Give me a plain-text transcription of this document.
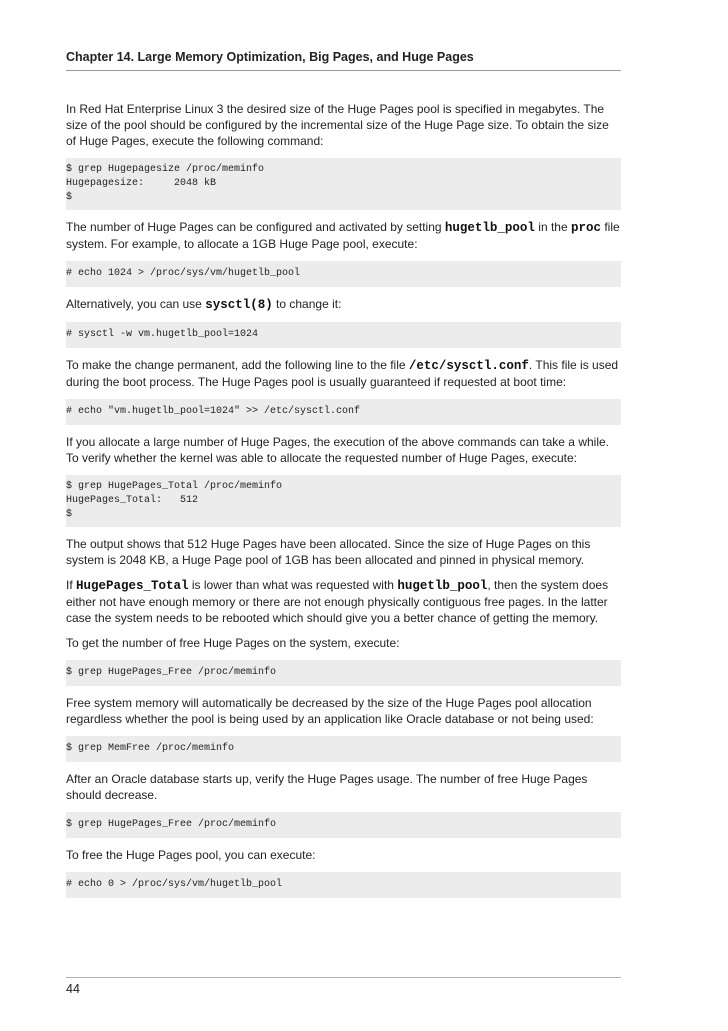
Chapter 14. Large Memory Optimization, Big Pages, and Huge Pages

In Red Hat Enterprise Linux 3 the desired size of the Huge Pages pool is specified in megabytes. The size of the pool should be configured by the incremental size of the Huge Page size. To obtain the size of Huge Pages, execute the following command:

$ grep Hugepagesize /proc/meminfo
Hugepagesize:     2048 kB
$

The number of Huge Pages can be configured and activated by setting hugetlb_pool in the proc file system. For example, to allocate a 1GB Huge Page pool, execute:

# echo 1024 > /proc/sys/vm/hugetlb_pool

Alternatively, you can use sysctl(8) to change it:

# sysctl -w vm.hugetlb_pool=1024

To make the change permanent, add the following line to the file /etc/sysctl.conf. This file is used during the boot process. The Huge Pages pool is usually guaranteed if requested at boot time:

# echo "vm.hugetlb_pool=1024" >> /etc/sysctl.conf

If you allocate a large number of Huge Pages, the execution of the above commands can take a while. To verify whether the kernel was able to allocate the requested number of Huge Pages, execute:

$ grep HugePages_Total /proc/meminfo
HugePages_Total:   512
$

The output shows that 512 Huge Pages have been allocated. Since the size of Huge Pages on this system is 2048 KB, a Huge Page pool of 1GB has been allocated and pinned in physical memory.

If HugePages_Total is lower than what was requested with hugetlb_pool, then the system does either not have enough memory or there are not enough physically contiguous free pages. In the latter case the system needs to be rebooted which should give you a better chance of getting the memory.

To get the number of free Huge Pages on the system, execute:

$ grep HugePages_Free /proc/meminfo

Free system memory will automatically be decreased by the size of the Huge Pages pool allocation regardless whether the pool is being used by an application like Oracle database or not being used:

$ grep MemFree /proc/meminfo

After an Oracle database starts up, verify the Huge Pages usage. The number of free Huge Pages should decrease.

$ grep HugePages_Free /proc/meminfo

To free the Huge Pages pool, you can execute:

# echo 0 > /proc/sys/vm/hugetlb_pool
44
